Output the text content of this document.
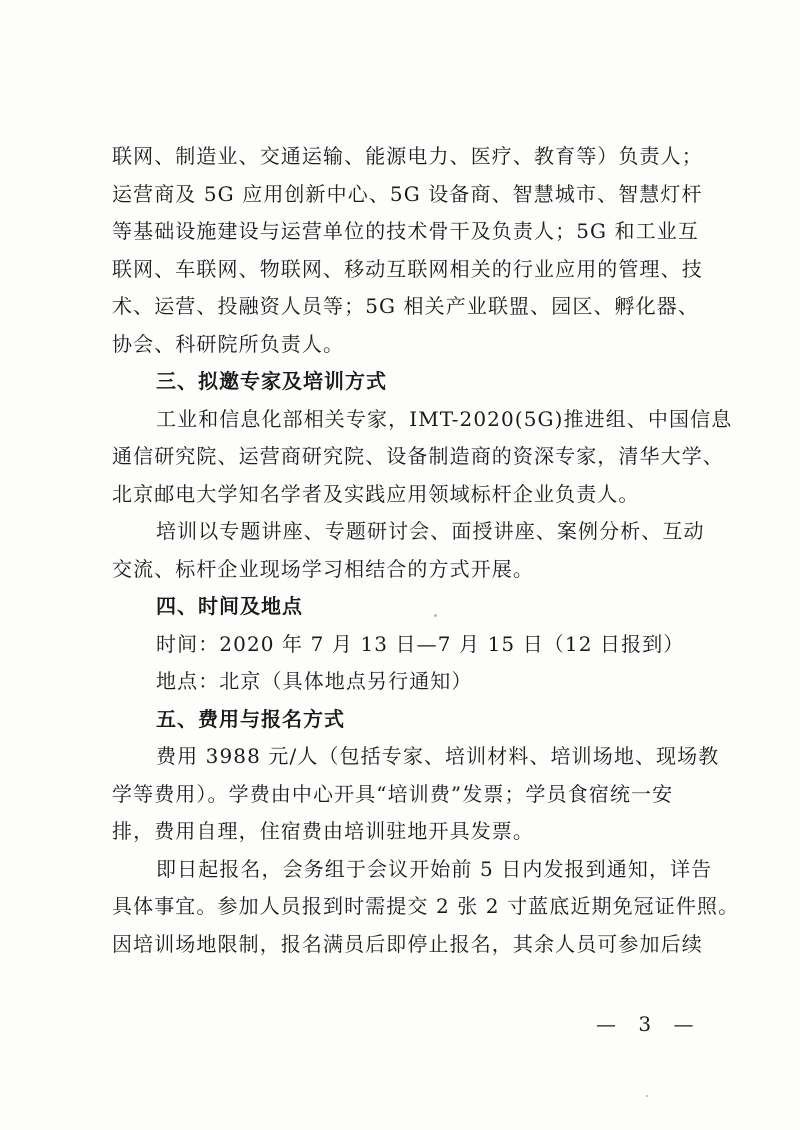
联网、制造业、交通运输、能源电力、医疗、教育等）负责人；
运营商及 5G 应用创新中心、5G 设备商、智慧城市、智慧灯杆
等基础设施建设与运营单位的技术骨干及负责人；5G 和工业互
联网、车联网、物联网、移动互联网相关的行业应用的管理、技
术、运营、投融资人员等；5G 相关产业联盟、园区、孵化器、
协会、科研院所负责人。
三、拟邀专家及培训方式
工业和信息化部相关专家，IMT-2020(5G)推进组、中国信息
通信研究院、运营商研究院、设备制造商的资深专家，清华大学、
北京邮电大学知名学者及实践应用领域标杆企业负责人。
培训以专题讲座、专题研讨会、面授讲座、案例分析、互动
交流、标杆企业现场学习相结合的方式开展。
四、时间及地点
时间：2020 年 7 月 13 日—7 月 15 日（12 日报到）
地点：北京（具体地点另行通知）
五、费用与报名方式
费用 3988 元/人（包括专家、培训材料、培训场地、现场教
学等费用）。学费由中心开具“培训费”发票；学员食宿统一安
排，费用自理，住宿费由培训驻地开具发票。
即日起报名，会务组于会议开始前 5 日内发报到通知，详告
具体事宜。参加人员报到时需提交 2 张 2 寸蓝底近期免冠证件照。
因培训场地限制，报名满员后即停止报名，其余人员可参加后续
— 3 —
